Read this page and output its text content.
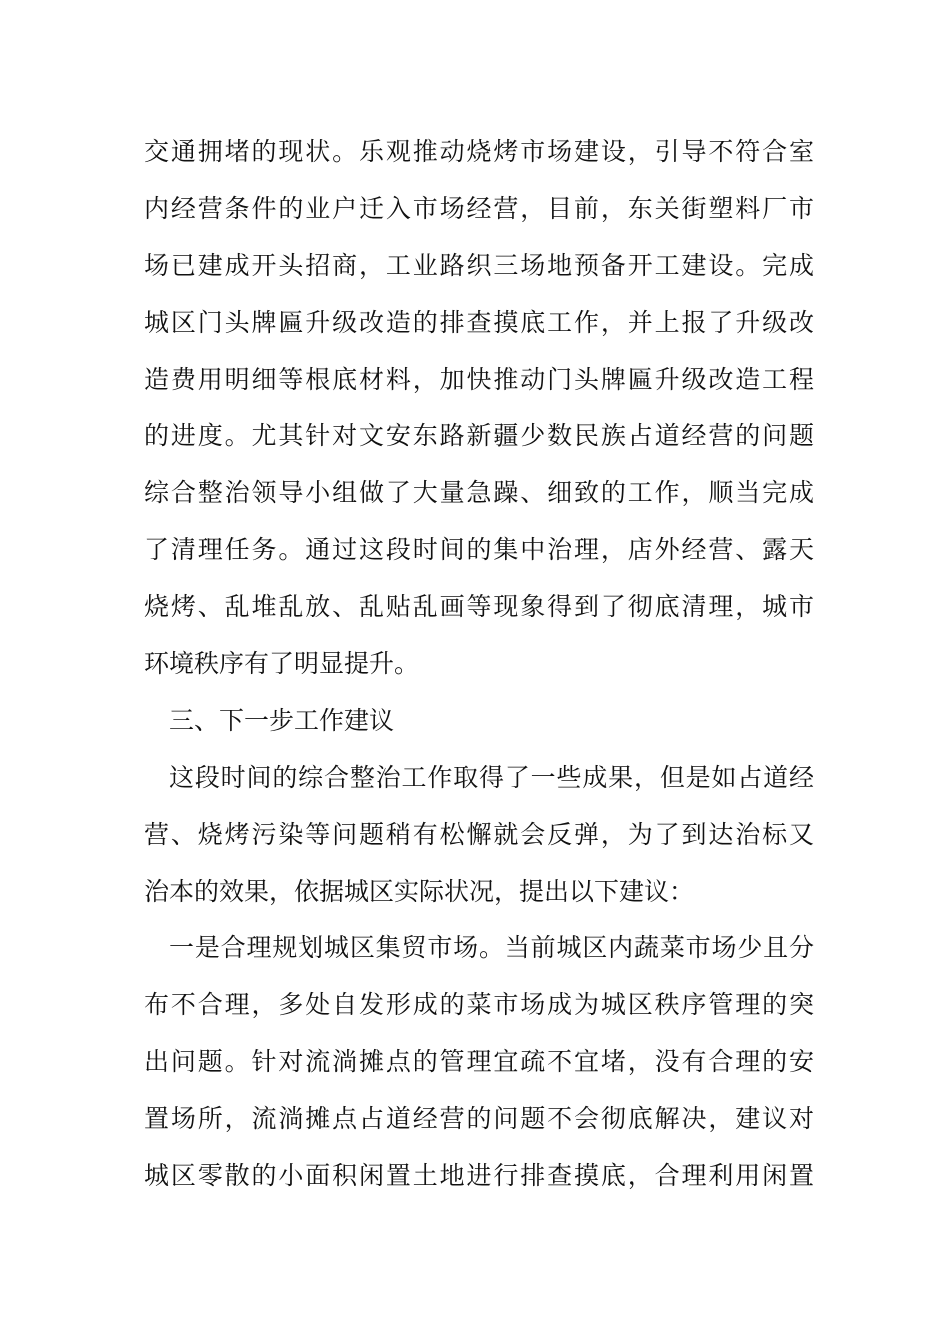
交通拥堵的现状。乐观推动烧烤市场建设，引导不符合室
内经营条件的业户迁入市场经营，目前，东关街塑料厂市
场已建成开头招商，工业路织三场地预备开工建设。完成
城区门头牌匾升级改造的排查摸底工作，并上报了升级改
造费用明细等根底材料，加快推动门头牌匾升级改造工程
的进度。尤其针对文安东路新疆少数民族占道经营的问题
综合整治领导小组做了大量急躁、细致的工作，顺当完成
了清理任务。通过这段时间的集中治理，店外经营、露天
烧烤、乱堆乱放、乱贴乱画等现象得到了彻底清理，城市
环境秩序有了明显提升。
三、下一步工作建议
这段时间的综合整治工作取得了一些成果，但是如占道经
营、烧烤污染等问题稍有松懈就会反弹，为了到达治标又
治本的效果，依据城区实际状况，提出以下建议：
一是合理规划城区集贸市场。当前城区内蔬菜市场少且分
布不合理，多处自发形成的菜市场成为城区秩序管理的突
出问题。针对流淌摊点的管理宜疏不宜堵，没有合理的安
置场所，流淌摊点占道经营的问题不会彻底解决，建议对
城区零散的小面积闲置土地进行排查摸底，合理利用闲置
